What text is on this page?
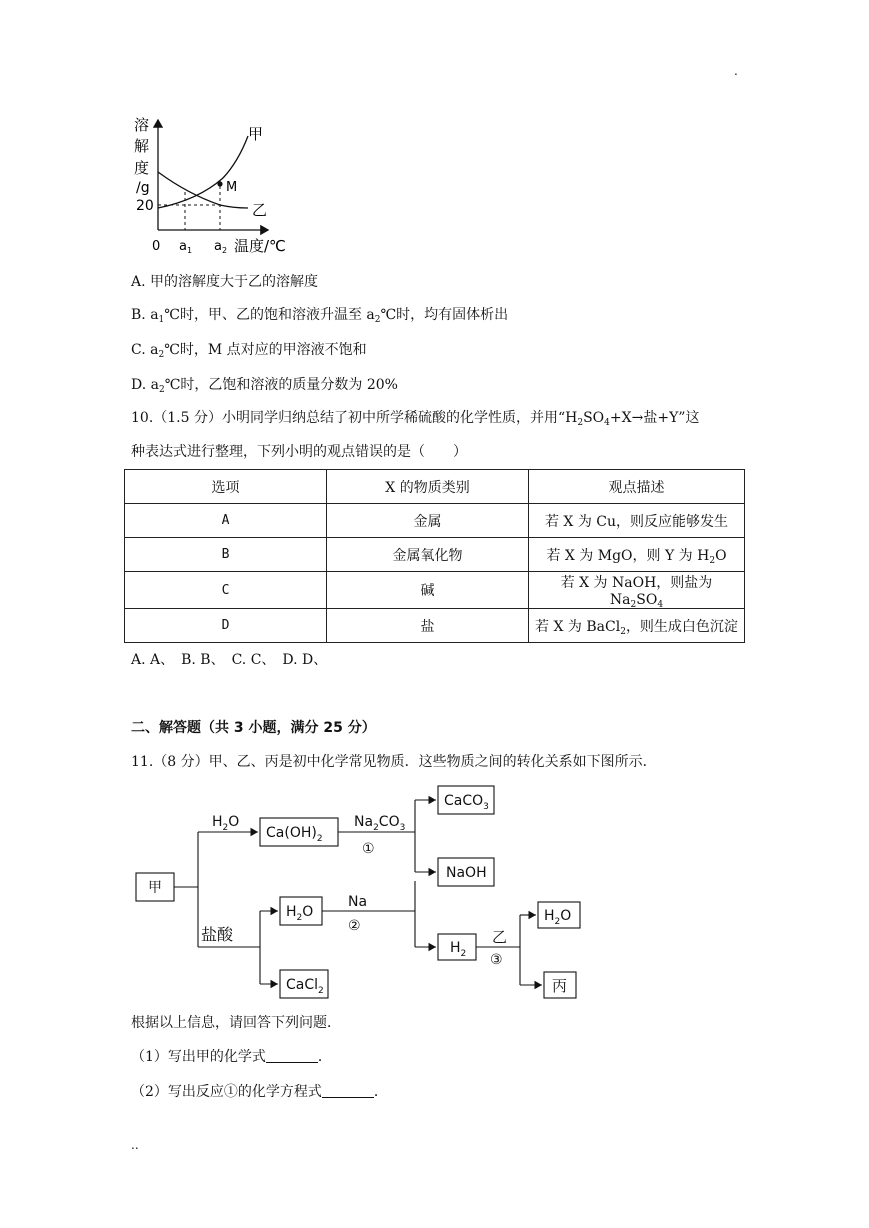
.
溶
解
度
/g
20
M
甲
乙
0 a 1 a 2 温度/℃
A. 甲的溶解度大于乙的溶解度
B. $a_1℃$时，甲、乙的饱和溶液升温至 $a_2℃$时，均有固体析出
C. $a_2℃$时，M 点对应的甲溶液不饱和
D. $a_2℃$时，乙饱和溶液的质量分数为 20%
10.（1.5 分）小明同学归纳总结了初中所学稀硫酸的化学性质，并用“$H_2SO_4+X\to$盐+Y”这
种表达式进行整理，下列小明的观点错误的是（　　）
选项	X 的物质类别	观点描述
A	金属	若 X 为 Cu，则反应能够发生
B	金属氧化物	若 X 为 MgO，则 Y 为 $H_2O$
C	碱	若 X 为 NaOH，则盐为 $Na_2SO_4$
D	盐	若 X 为 BaCl$_2$，则生成白色沉淀
A. A、　B. B、　C. C、　D. D、
二、解答题（共 3 小题，满分 25 分）
11.（8 分）甲、乙、丙是初中化学常见物质．这些物质之间的转化关系如下图所示．
甲
$H_2O$
$Ca(OH)_2$
$Na_2CO_3$
①
CaCO$_3$
NaOH
盐酸
$H_2O$
Na
②
CaCl$_2$
$H_2$
乙
③
$H_2O$
丙
根据以上信息，请回答下列问题．
（1）写出甲的化学式	．
（2）写出反应①的化学方程式	．
..
